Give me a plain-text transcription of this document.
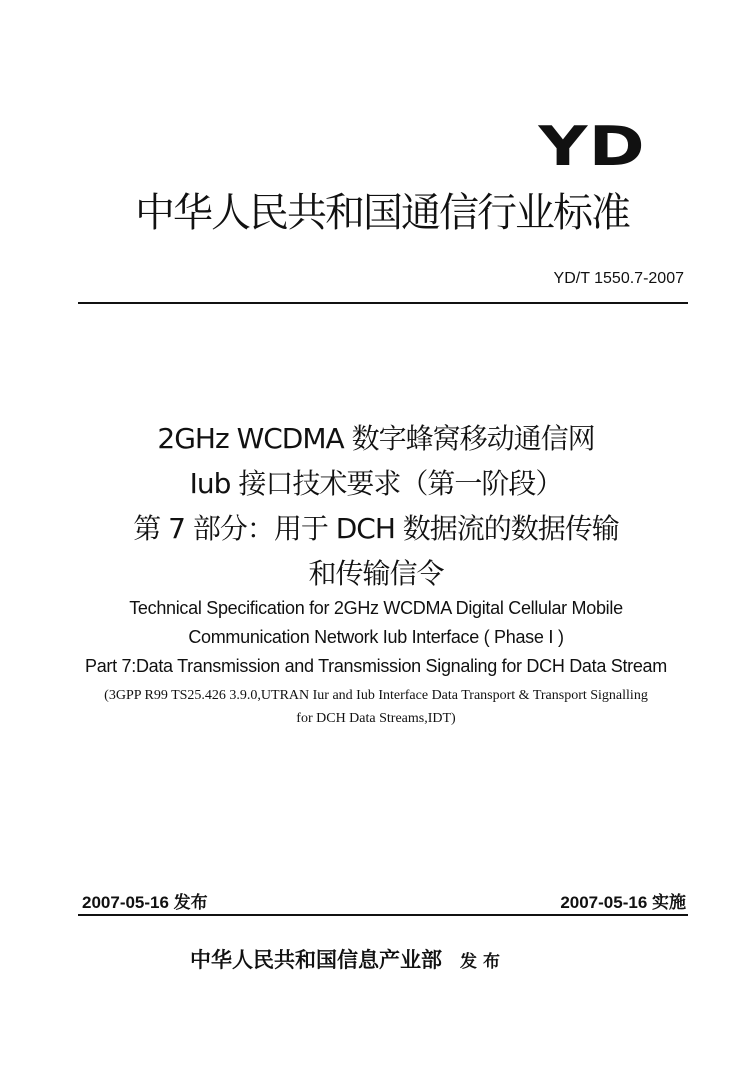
YD
中华人民共和国通信行业标准
YD/T 1550.7-2007
2GHz WCDMA 数字蜂窝移动通信网
Iub 接口技术要求（第一阶段）
第 7 部分：用于 DCH 数据流的数据传输
和传输信令
Technical Specification for 2GHz WCDMA Digital Cellular Mobile
Communication Network Iub Interface ( Phase Ⅰ )
Part 7:Data Transmission and Transmission Signaling for DCH Data Stream
(3GPP R99 TS25.426 3.9.0,UTRAN Iur and Iub Interface Data Transport & Transport Signalling
for DCH Data Streams,IDT)
2007-05-16 发布	2007-05-16 实施
中华人民共和国信息产业部 发布
